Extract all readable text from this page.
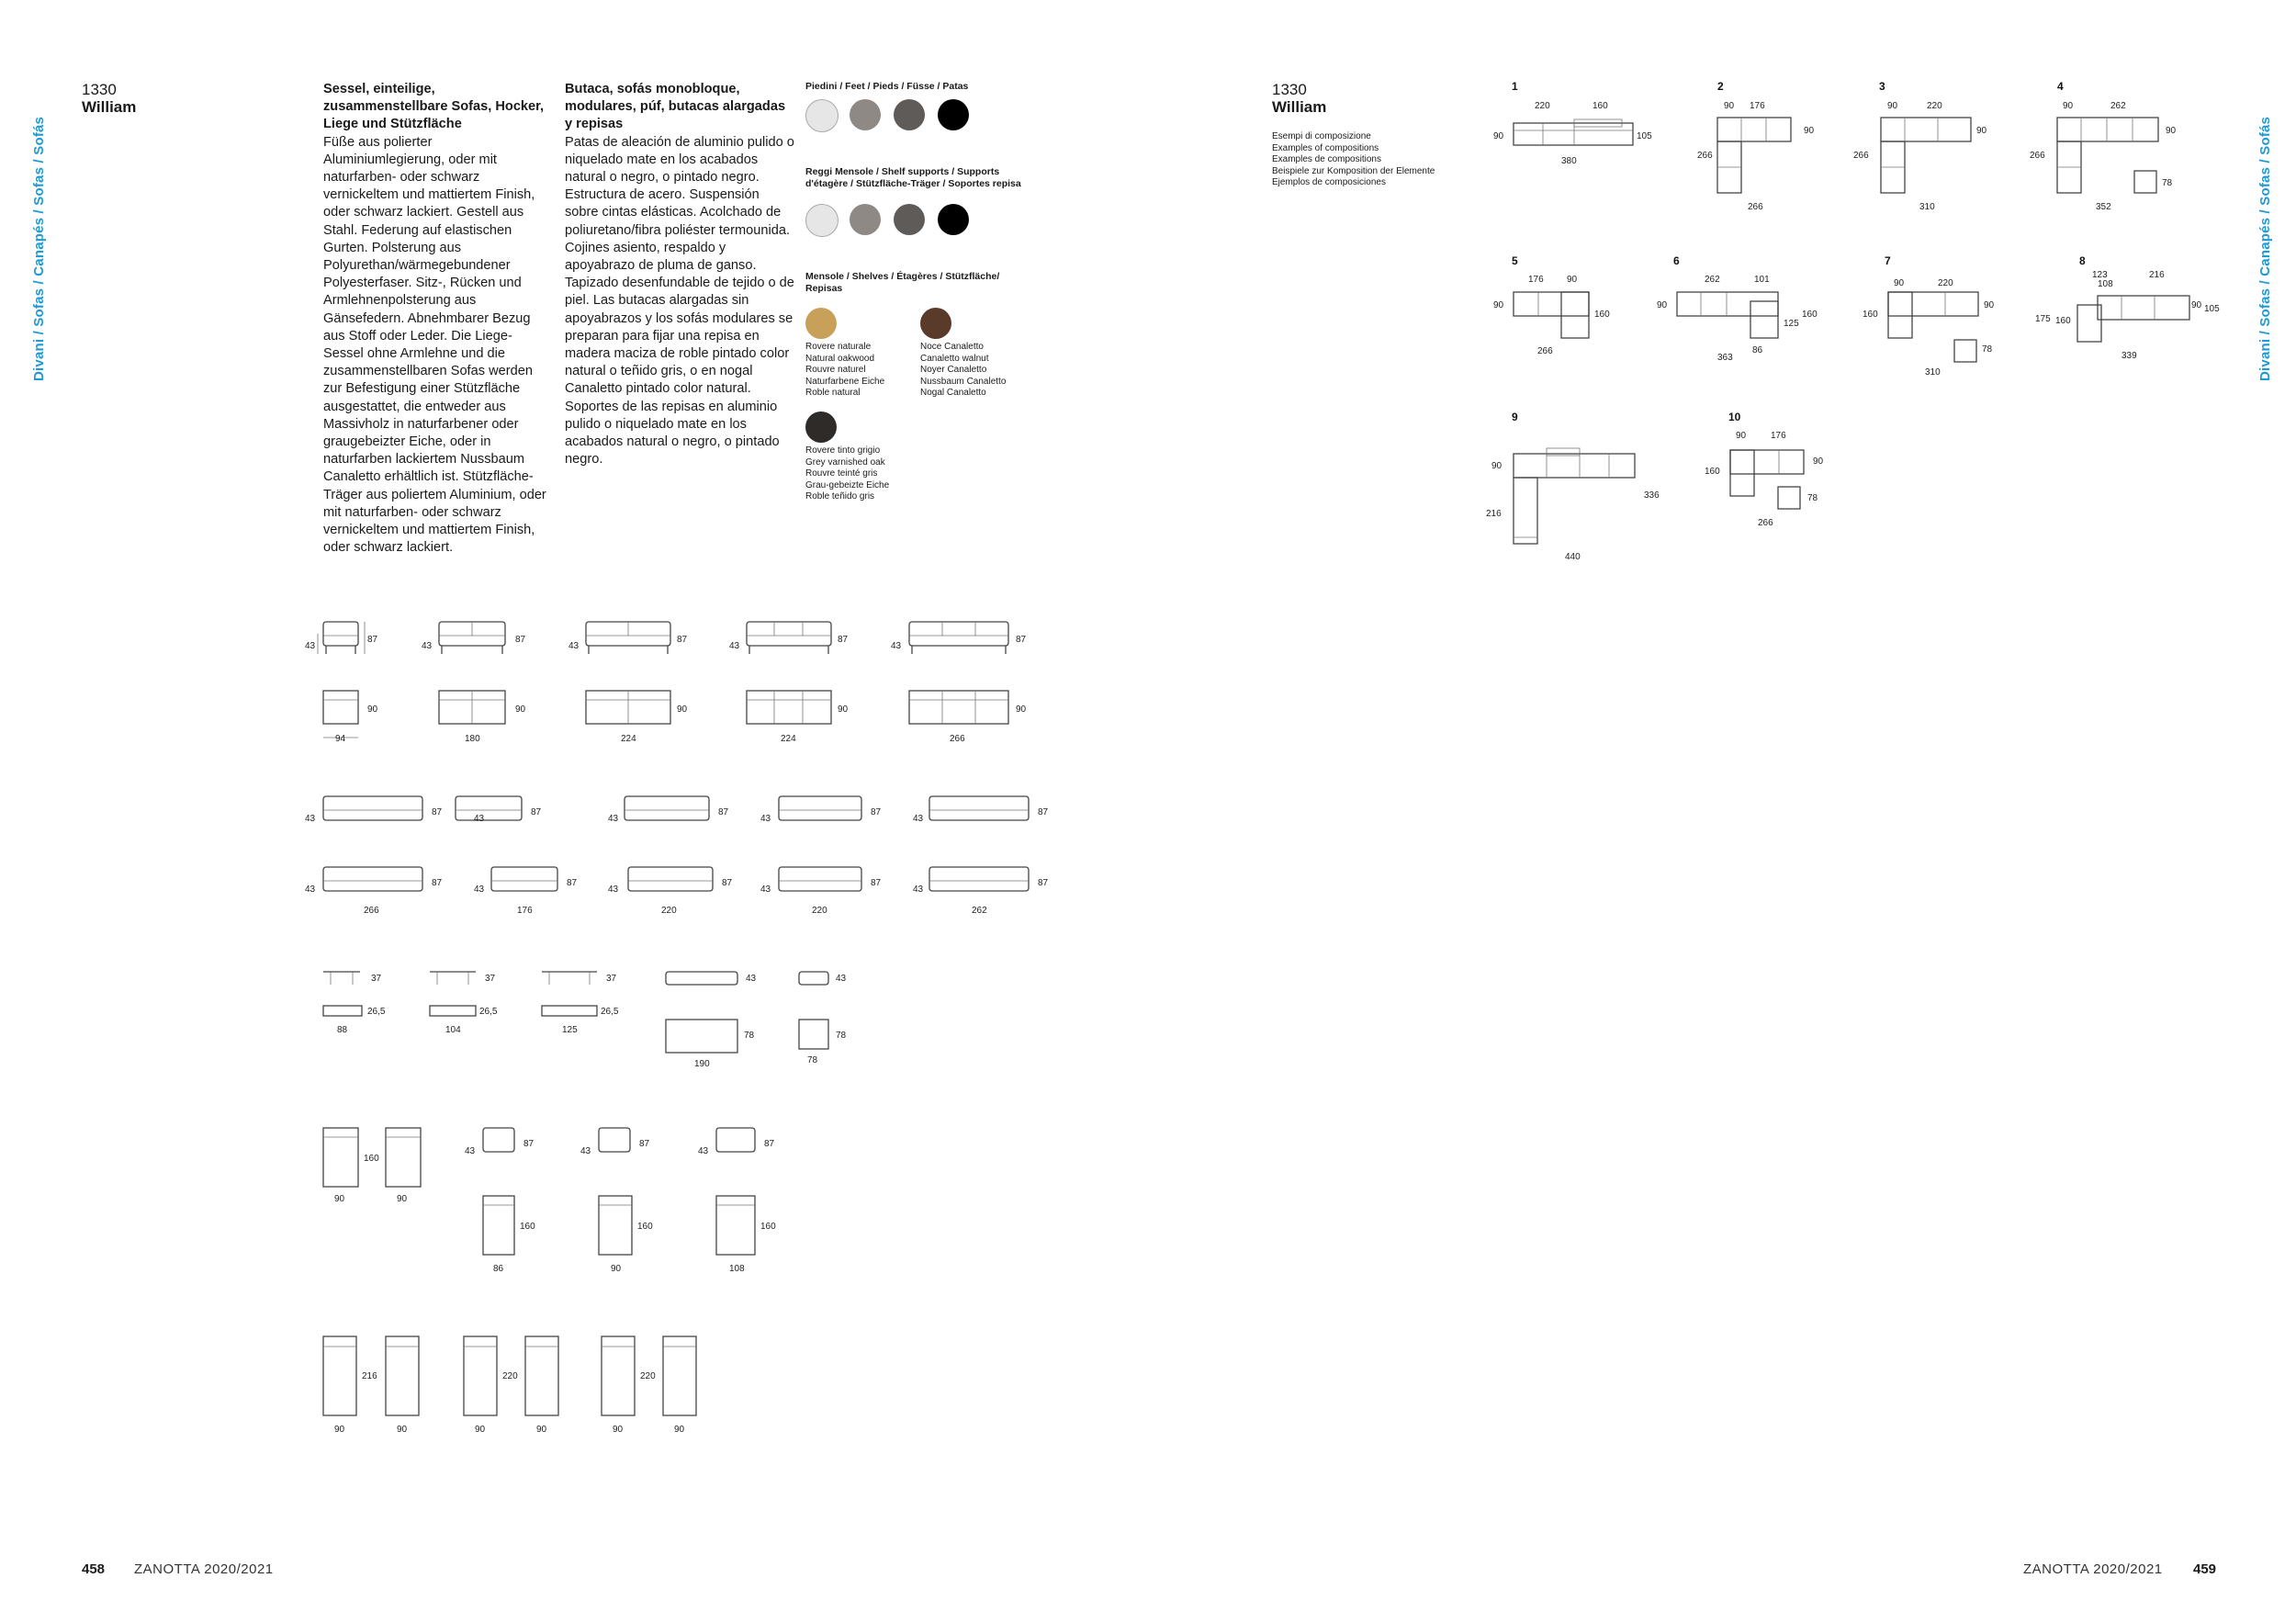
Divani / Sofas / Canapés / Sofas / Sofás	Divani / Sofas / Canapés / Sofas / Sofás
1330
William
Sessel, einteilige, zusammenstellbare Sofas, Hocker, Liege und Stützfläche
Füße aus polierter Aluminiumlegierung, oder mit naturfarben- oder schwarz vernickeltem und mattiertem Finish, oder schwarz lackiert. Gestell aus Stahl. Federung auf elastischen Gurten. Polsterung aus Polyurethan/wärmegebundener Polyesterfaser. Sitz-, Rücken und Armlehnenpolsterung aus Gänsefedern. Abnehmbarer Bezug aus Stoff oder Leder. Die Liege-Sessel ohne Armlehne und die zusammenstellbaren Sofas werden zur Befestigung einer Stützfläche ausgestattet, die entweder aus Massivholz in naturfarbener oder graugebeizter Eiche, oder in naturfarben lackiertem Nussbaum Canaletto erhältlich ist. Stützfläche-Träger aus poliertem Aluminium, oder mit naturfarben- oder schwarz vernickeltem und mattiertem Finish, oder schwarz lackiert.
Butaca, sofás monobloque, modulares, púf, butacas alargadas y repisas
Patas de aleación de aluminio pulido o niquelado mate en los acabados natural o negro, o pintado negro. Estructura de acero. Suspensión sobre cintas elásticas. Acolchado de poliuretano/fibra poliéster termounida. Cojines asiento, respaldo y apoyabrazo de pluma de ganso. Tapizado desenfundable de tejido o de piel. Las butacas alargadas sin apoyabrazos y los sofás modulares se preparan para fijar una repisa en madera maciza de roble pintado color natural o teñido gris, o en nogal Canaletto pintado color natural. Soportes de las repisas en aluminio pulido o niquelado mate en los acabados natural o negro, o pintado negro.
Piedini / Feet / Pieds / Füsse / Patas
Reggi Mensole / Shelf supports / Supports d'étagère / Stützfläche-Träger / Soportes repisa
Mensole / Shelves / Étagères / Stützfläche/ Repisas
Rovere naturale
Natural oakwood
Rouvre naturel
Naturfarbene Eiche
Roble natural
Noce Canaletto
Canaletto walnut
Noyer Canaletto
Nussbaum Canaletto
Nogal Canaletto
Rovere tinto grigio
Grey varnished oak
Rouvre teinté gris
Grau-gebeizte Eiche
Roble teñido gris
43
87
43
87
43
87
43
87
43
87
90
94
90
180
90
224
90
224
90
266
43
87
43
87
43
87
43
87
43
87
43
87
43
87
43
87
43
87
43
87
266	176	220	220	262
37
26,5
88
37
26,5
104
37
26,5
125
43
78
190
43
78
78
160
90	90
43
87
43
87
43
87
160	160	160
86	90	108
216
90	90
220
90	90
220
90	90
458 ZANOTTA 2020/2021
1330
William
Esempi di composizione
Examples of compositions
Examples de compositions
Beispiele zur Komposition der Elemente
Ejemplos de composiciones
1
220	160
90	105
380
2
90 176
266
90
266
3
90	220
266
90
310
4
90	262
266
90
78
352
5
176	90
90
160
266
6
262	101
90
125
160
86
363
7
90	220
160
90
78
310
8
123
108
216
175 160
90 105
339
9
90
216
336
440
10
90	176
160
90
78
266
ZANOTTA 2020/2021 459
